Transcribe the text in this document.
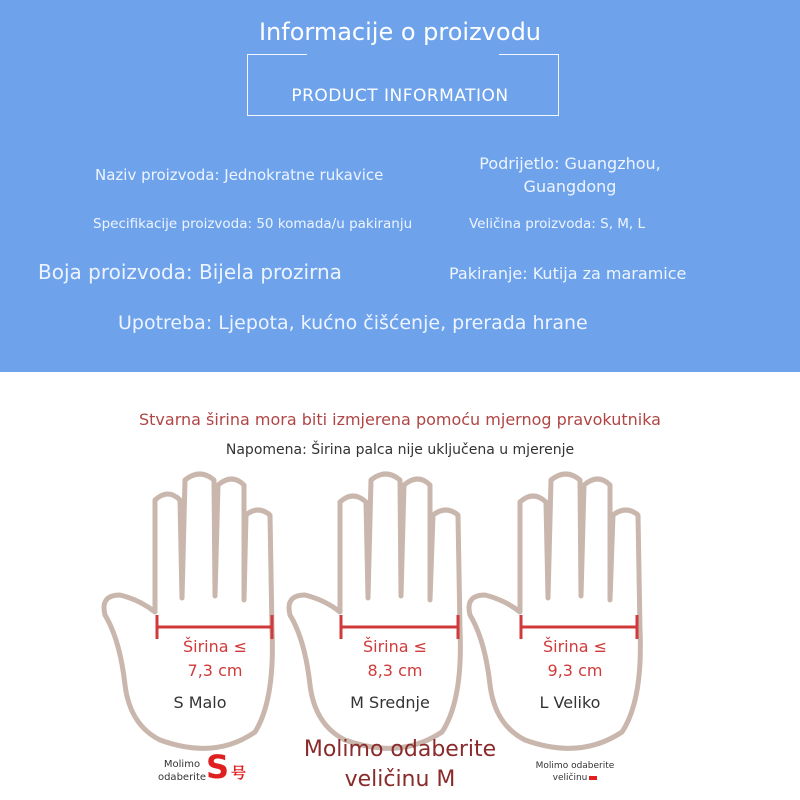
Informacije o proizvodu
PRODUCT INFORMATION
Naziv proizvoda: Jednokratne rukavice
Podrijetlo: Guangzhou,
Guangdong
Specifikacije proizvoda: 50 komada/u pakiranju	Veličina proizvoda: S, M, L
Boja proizvoda: Bijela prozirna	Pakiranje: Kutija za maramice
Upotreba: Ljepota, kućno čišćenje, prerada hrane
Stvarna širina mora biti izmjerena pomoću mjernog pravokutnika
Napomena: Širina palca nije uključena u mjerenje
Širina ≤
7,3 cm
Širina ≤
8,3 cm
Širina ≤
9,3 cm
S Malo	M Srednje	L Veliko
Molimo
odaberite S 号
Molimo odaberite
veličinu M
Molimo odaberite
veličinu
